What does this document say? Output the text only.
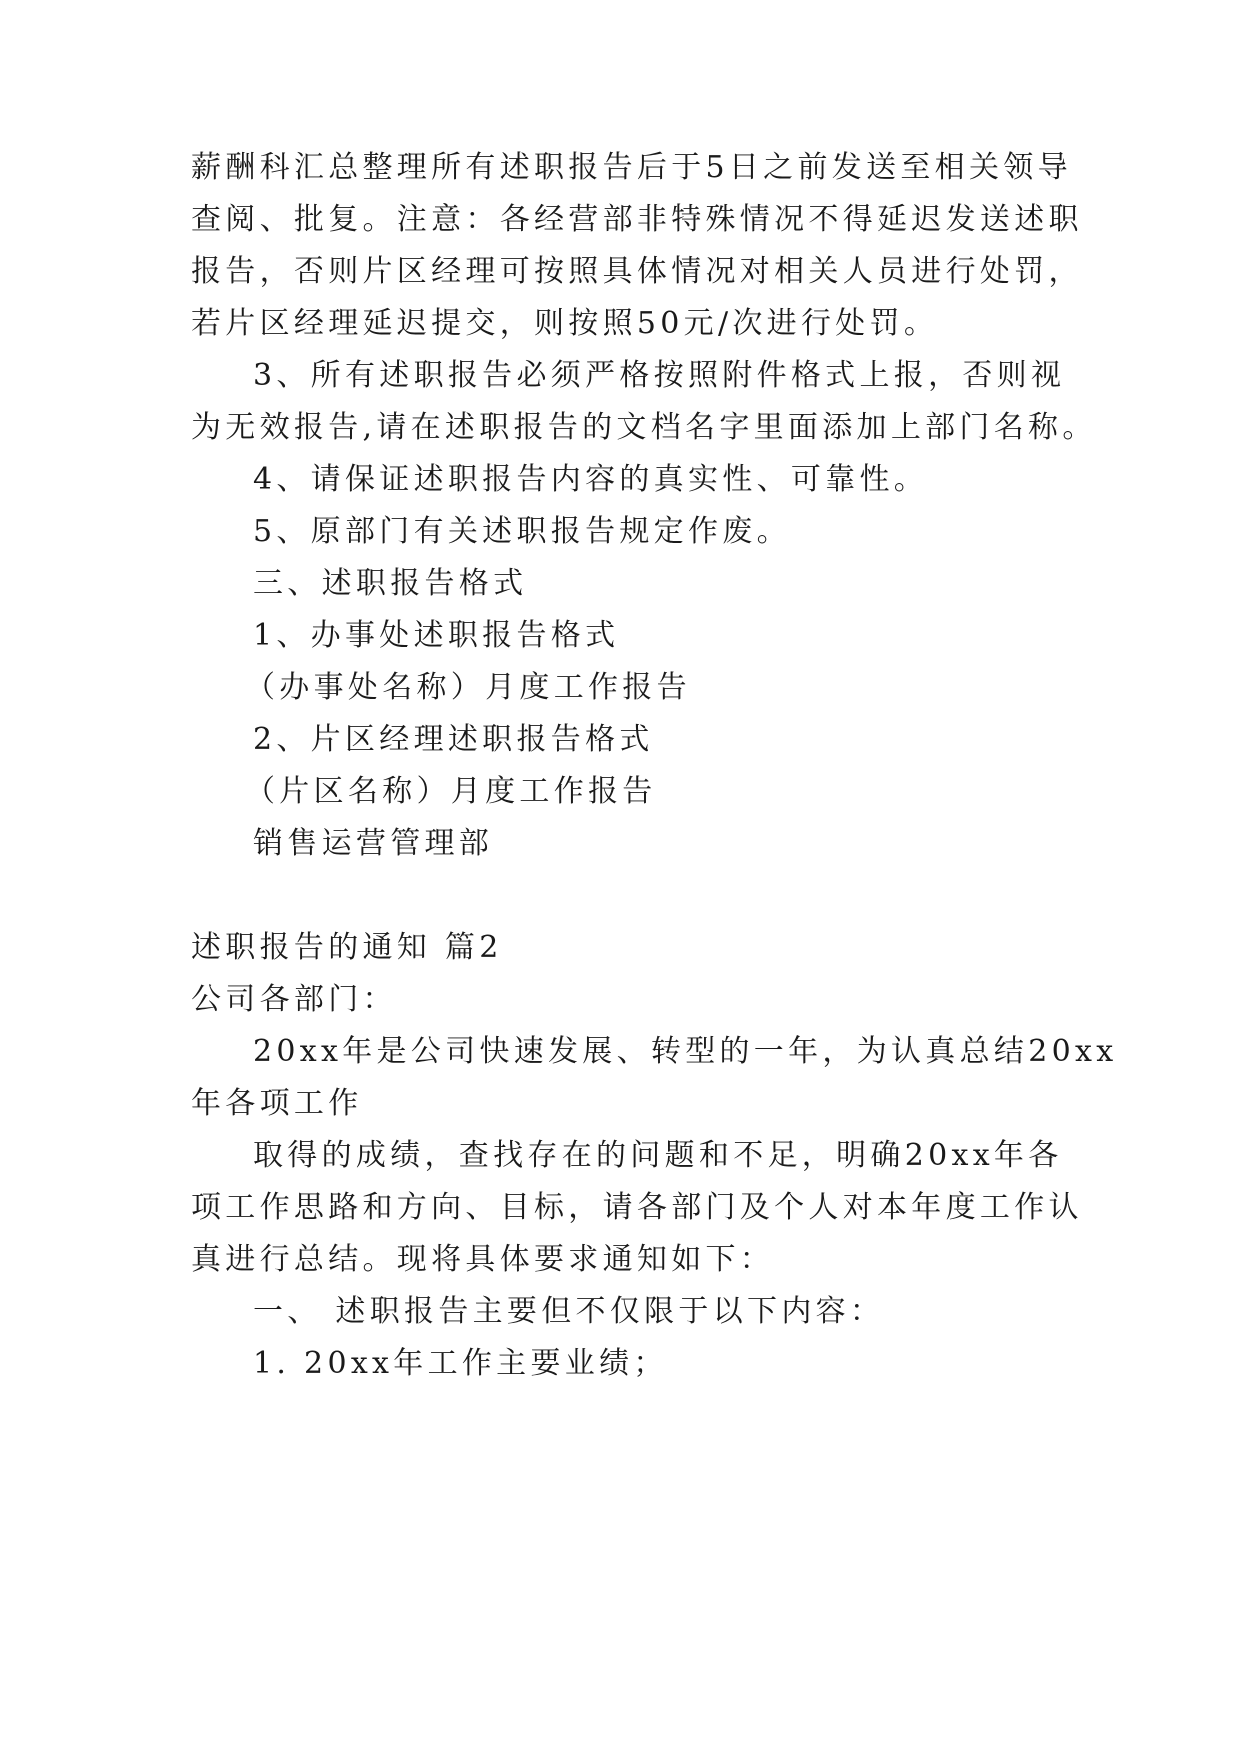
薪酬科汇总整理所有述职报告后于5日之前发送至相关领导
查阅、批复。注意：各经营部非特殊情况不得延迟发送述职
报告，否则片区经理可按照具体情况对相关人员进行处罚，
若片区经理延迟提交，则按照50元/次进行处罚。
3、所有述职报告必须严格按照附件格式上报，否则视
为无效报告,请在述职报告的文档名字里面添加上部门名称。
4、请保证述职报告内容的真实性、可靠性。
5、原部门有关述职报告规定作废。
三、述职报告格式
1、办事处述职报告格式
（办事处名称）月度工作报告
2、片区经理述职报告格式
（片区名称）月度工作报告
销售运营管理部
述职报告的通知 篇2
公司各部门：
20xx年是公司快速发展、转型的一年，为认真总结20xx
年各项工作
取得的成绩，查找存在的问题和不足，明确20xx年各
项工作思路和方向、目标，请各部门及个人对本年度工作认
真进行总结。现将具体要求通知如下：
一、 述职报告主要但不仅限于以下内容：
1. 20xx年工作主要业绩；
